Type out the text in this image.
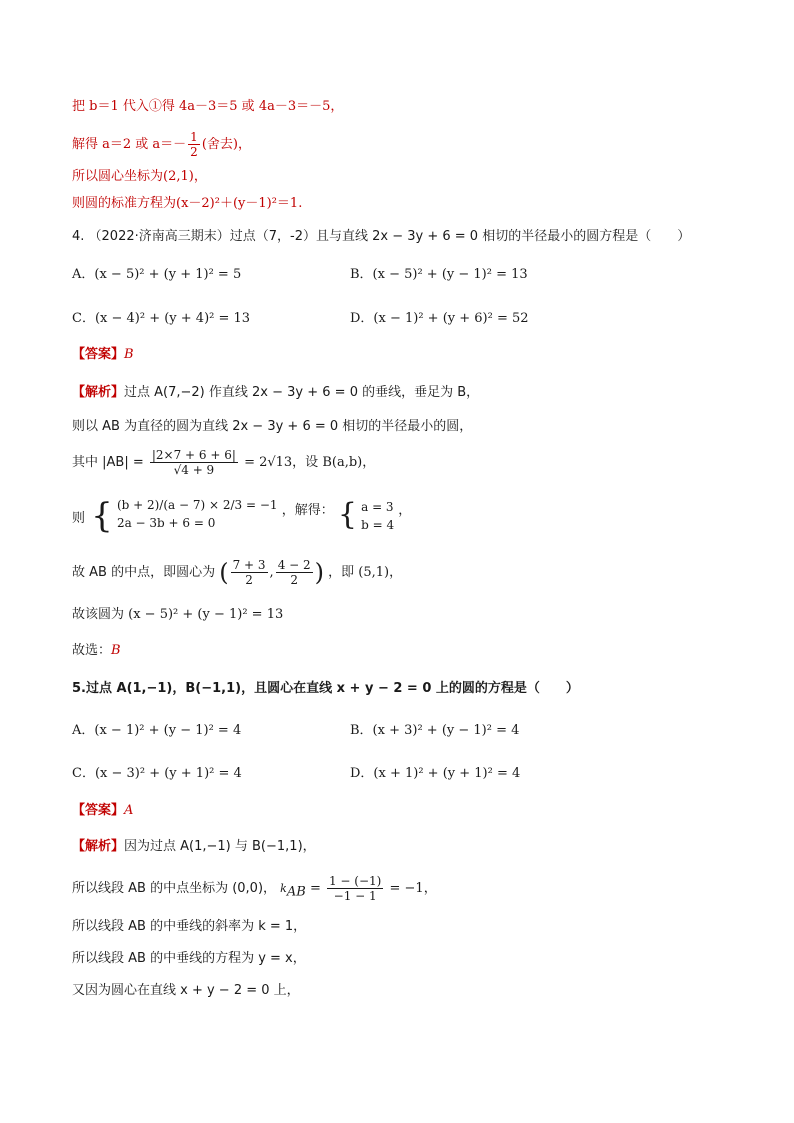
把 b＝1 代入①得 4a－3＝5 或 4a－3＝－5，
解得 a＝2 或 $a=- \frac{1}{2}$ (舍去)，
所以圆心坐标为(2,1)，
则圆的标准方程为(x－2)²＋(y－1)²＝1.
4. （2022·济南高三期末）过点（7，-2）且与直线 2x − 3y + 6 = 0 相切的半径最小的圆方程是（　　）
A．(x − 5)² + (y + 1)² = 5	B．(x − 5)² + (y − 1)² = 13
C．(x − 4)² + (y + 4)² = 13	D．(x − 1)² + (y + 6)² = 52
【答案】B
【解析】过点 A(7,−2) 作直线 2x − 3y + 6 = 0 的垂线，垂足为 B，
则以 AB 为直径的圆为直线 2x − 3y + 6 = 0 相切的半径最小的圆，
其中 $|AB| = \frac{|2\times 7 + 6 + 6|}{√4 + 9} = 2√13$，设 B(a,b)，
则 { (b + 2)/(a − 7) × 2/3 = −1
2a − 3b + 6 = 0
，解得： { a = 3
b = 4
，
故 AB 的中点，即圆心为 ( $\frac{7 + 3}{2}$ , $\frac{4 - 2}{2}$ ) ，即 (5,1)，
故该圆为 (x − 5)² + (y − 1)² = 13
故选：B
5.过点 A(1,−1)，B(−1,1)，且圆心在直线 x + y − 2 = 0 上的圆的方程是（　　）
A．(x − 1)² + (y − 1)² = 4	B．(x + 3)² + (y − 1)² = 4
C．(x − 3)² + (y + 1)² = 4	D．(x + 1)² + (y + 1)² = 4
【答案】A
【解析】因为过点 A(1,−1) 与 B(−1,1)，
所以线段 AB 的中点坐标为 (0,0)， $k_{AB} = \frac{1 - (-1)}{-1 - 1} = -1$，
所以线段 AB 的中垂线的斜率为 k = 1，
所以线段 AB 的中垂线的方程为 y = x，
又因为圆心在直线 x + y − 2 = 0 上，
